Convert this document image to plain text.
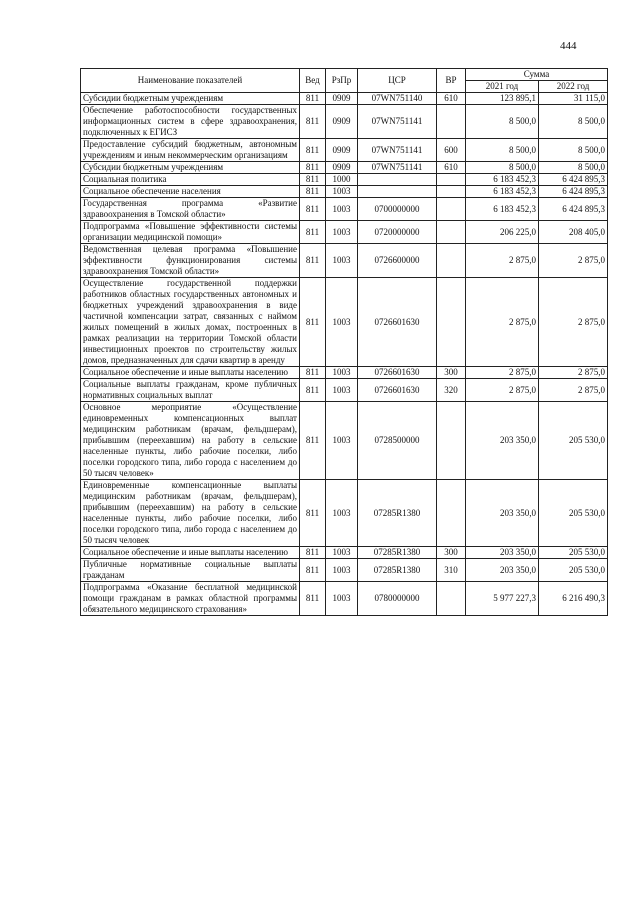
444
Наименование показателей	Вед	РзПр	ЦСР	ВР	Сумма	
					2021 год	2022 год
Субсидии бюджетным учреждениям	811	0909	07WN751140	610	123 895,1	31 115,0
Обеспечение работоспособности государственных информационных систем в сфере здравоохранения, подключенных к ЕГИСЗ	811	0909	07WN751141		8 500,0	8 500,0
Предоставление субсидий бюджетным, автономным учреждениям и иным некоммерческим организациям	811	0909	07WN751141	600	8 500,0	8 500,0
Субсидии бюджетным учреждениям	811	0909	07WN751141	610	8 500,0	8 500,0
Социальная политика	811	1000			6 183 452,3	6 424 895,3
Социальное обеспечение населения	811	1003			6 183 452,3	6 424 895,3
Государственная программа «Развитие здравоохранения в Томской области»	811	1003	0700000000		6 183 452,3	6 424 895,3
Подпрограмма «Повышение эффективности системы организации медицинской помощи»	811	1003	0720000000		206 225,0	208 405,0
Ведомственная целевая программа «Повышение эффективности функционирования системы здравоохранения Томской области»	811	1003	0726600000		2 875,0	2 875,0
Осуществление государственной поддержки работников областных государственных автономных и бюджетных учреждений здравоохранения в виде частичной компенсации затрат, связанных с наймом жилых помещений в жилых домах, построенных в рамках реализации на территории Томской области инвестиционных проектов по строительству жилых домов, предназначенных для сдачи квартир в аренду	811	1003	0726601630		2 875,0	2 875,0
Социальное обеспечение и иные выплаты населению	811	1003	0726601630	300	2 875,0	2 875,0
Социальные выплаты гражданам, кроме публичных нормативных социальных выплат	811	1003	0726601630	320	2 875,0	2 875,0
Основное мероприятие «Осуществление единовременных компенсационных выплат медицинским работникам (врачам, фельдшерам), прибывшим (переехавшим) на работу в сельские населенные пункты, либо рабочие поселки, либо поселки городского типа, либо города с населением до 50 тысяч человек»	811	1003	0728500000		203 350,0	205 530,0
Единовременные компенсационные выплаты медицинским работникам (врачам, фельдшерам), прибывшим (переехавшим) на работу в сельские населенные пункты, либо рабочие поселки, либо поселки городского типа, либо города с населением до 50 тысяч человек	811	1003	07285R1380		203 350,0	205 530,0
Социальное обеспечение и иные выплаты населению	811	1003	07285R1380	300	203 350,0	205 530,0
Публичные нормативные социальные выплаты гражданам	811	1003	07285R1380	310	203 350,0	205 530,0
Подпрограмма «Оказание бесплатной медицинской помощи гражданам в рамках областной программы обязательного медицинского страхования»	811	1003	0780000000		5 977 227,3	6 216 490,3
